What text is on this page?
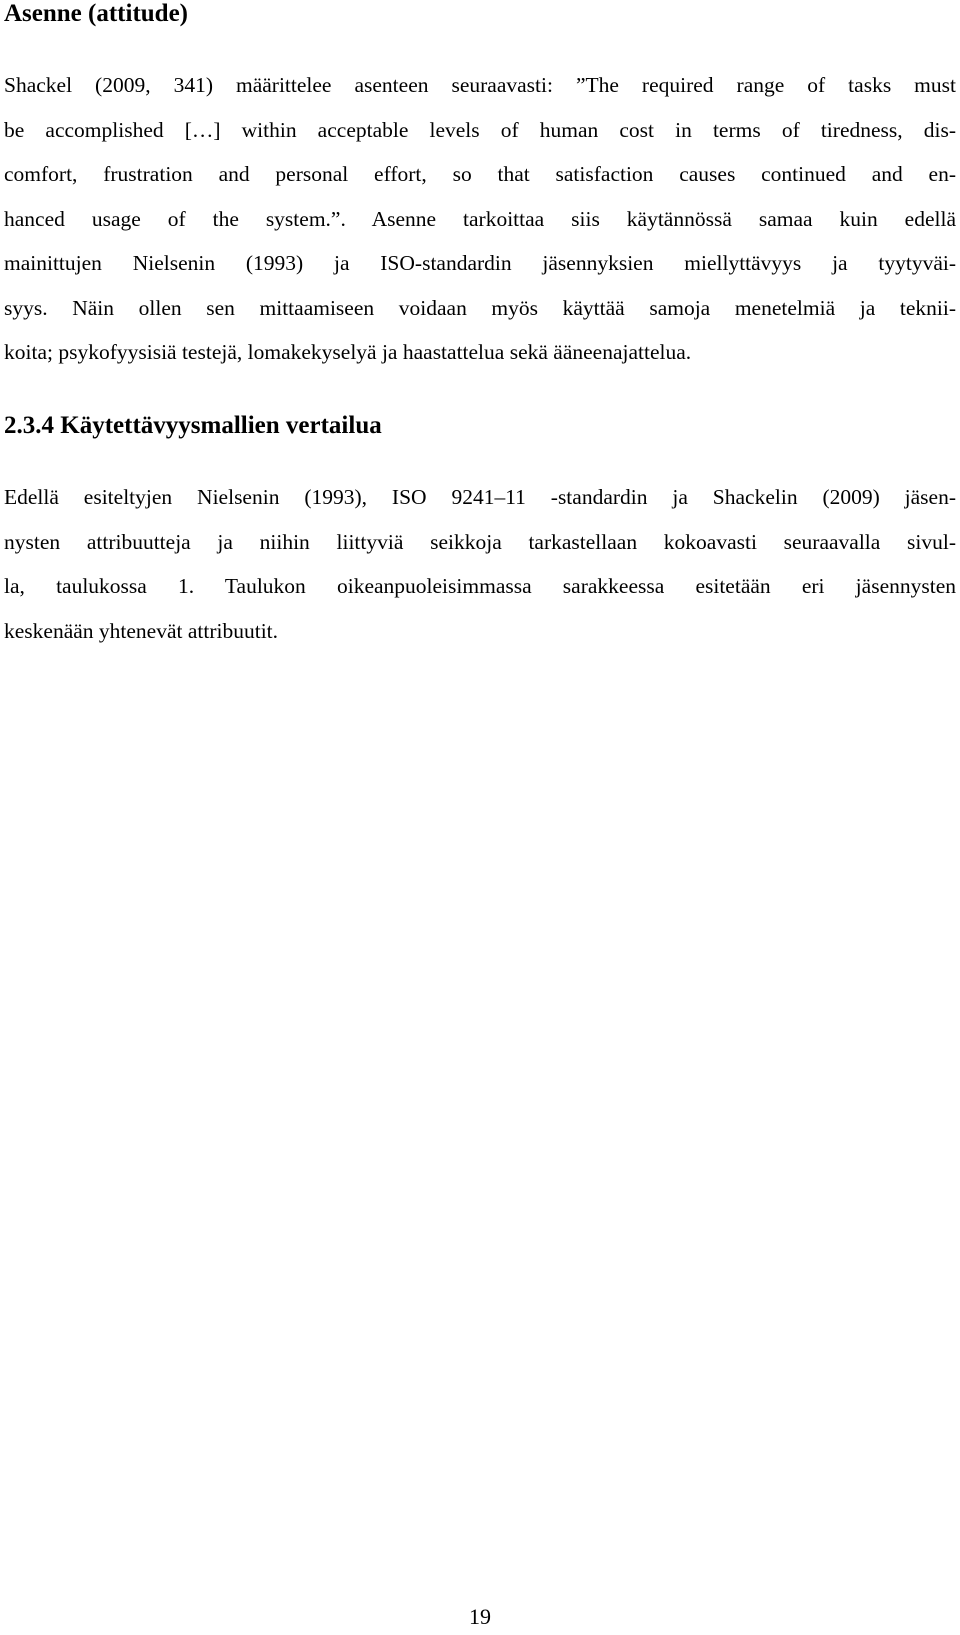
Asenne (attitude)
Shackel (2009, 341) määrittelee asenteen seuraavasti: ”The required range of tasks must
be accomplished […] within acceptable levels of human cost in terms of tiredness, dis-
comfort, frustration and personal effort, so that satisfaction causes continued and en-
hanced usage of the system.”. Asenne tarkoittaa siis käytännössä samaa kuin edellä
mainittujen Nielsenin (1993) ja ISO-standardin jäsennyksien miellyttävyys ja tyytyväi-
syys. Näin ollen sen mittaamiseen voidaan myös käyttää samoja menetelmiä ja teknii-
koita; psykofyysisiä testejä, lomakekyselyä ja haastattelua sekä ääneenajattelua.
2.3.4 Käytettävyysmallien vertailua
Edellä esiteltyjen Nielsenin (1993), ISO 9241–11 -standardin ja Shackelin (2009) jäsen-
nysten attribuutteja ja niihin liittyviä seikkoja tarkastellaan kokoavasti seuraavalla sivul-
la, taulukossa 1. Taulukon oikeanpuoleisimmassa sarakkeessa esitetään eri jäsennysten
keskenään yhtenevät attribuutit.
19
